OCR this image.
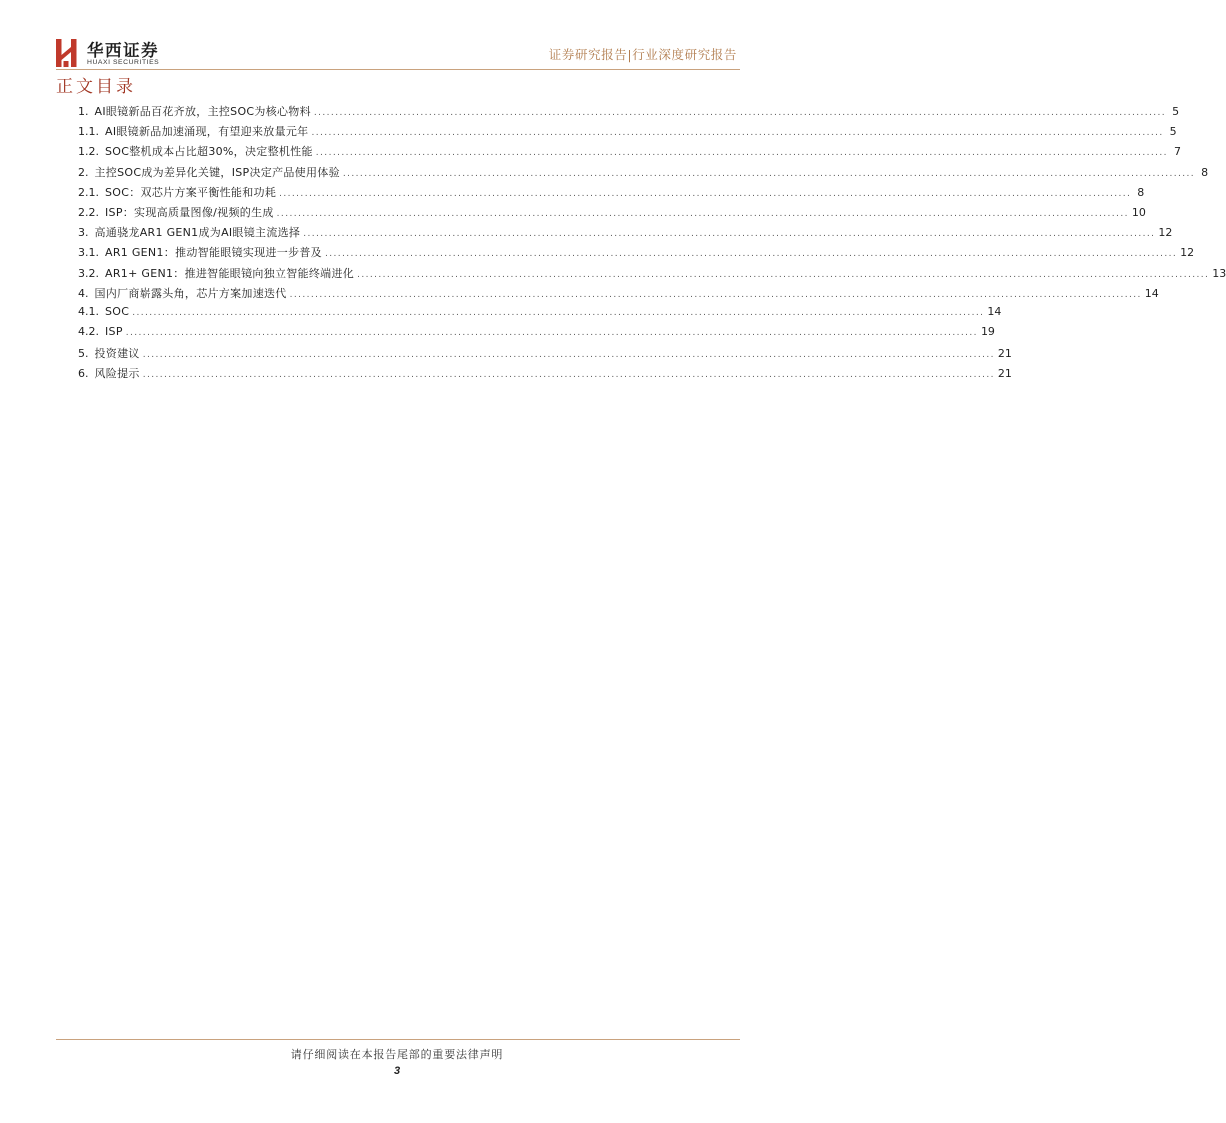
华西证券
HUAXI SECURITIES
证券研究报告|行业深度研究报告
正文目录
1. AI眼镜新品百花齐放，主控SOC为核心物料 ........................................................................................................................................................................................................ 5
1.1. AI眼镜新品加速涌现，有望迎来放量元年 ........................................................................................................................................................................................................ 5
1.2. SOC整机成本占比超30%，决定整机性能 ........................................................................................................................................................................................................ 7
2. 主控SOC成为差异化关键，ISP决定产品使用体验 ........................................................................................................................................................................................................ 8
2.1. SOC：双芯片方案平衡性能和功耗 ........................................................................................................................................................................................................ 8
2.2. ISP：实现高质量图像/视频的生成 ........................................................................................................................................................................................................ 10
3. 高通骁龙AR1 GEN1成为AI眼镜主流选择 ........................................................................................................................................................................................................ 12
3.1. AR1 GEN1：推动智能眼镜实现进一步普及 ........................................................................................................................................................................................................ 12
3.2. AR1+ GEN1：推进智能眼镜向独立智能终端进化 ........................................................................................................................................................................................................ 13
4. 国内厂商崭露头角，芯片方案加速迭代 ........................................................................................................................................................................................................ 14
4.1. SOC ........................................................................................................................................................................................................ 14
4.2. ISP ........................................................................................................................................................................................................ 19
5. 投资建议 ........................................................................................................................................................................................................ 21
6. 风险提示 ........................................................................................................................................................................................................ 21
请仔细阅读在本报告尾部的重要法律声明
3
